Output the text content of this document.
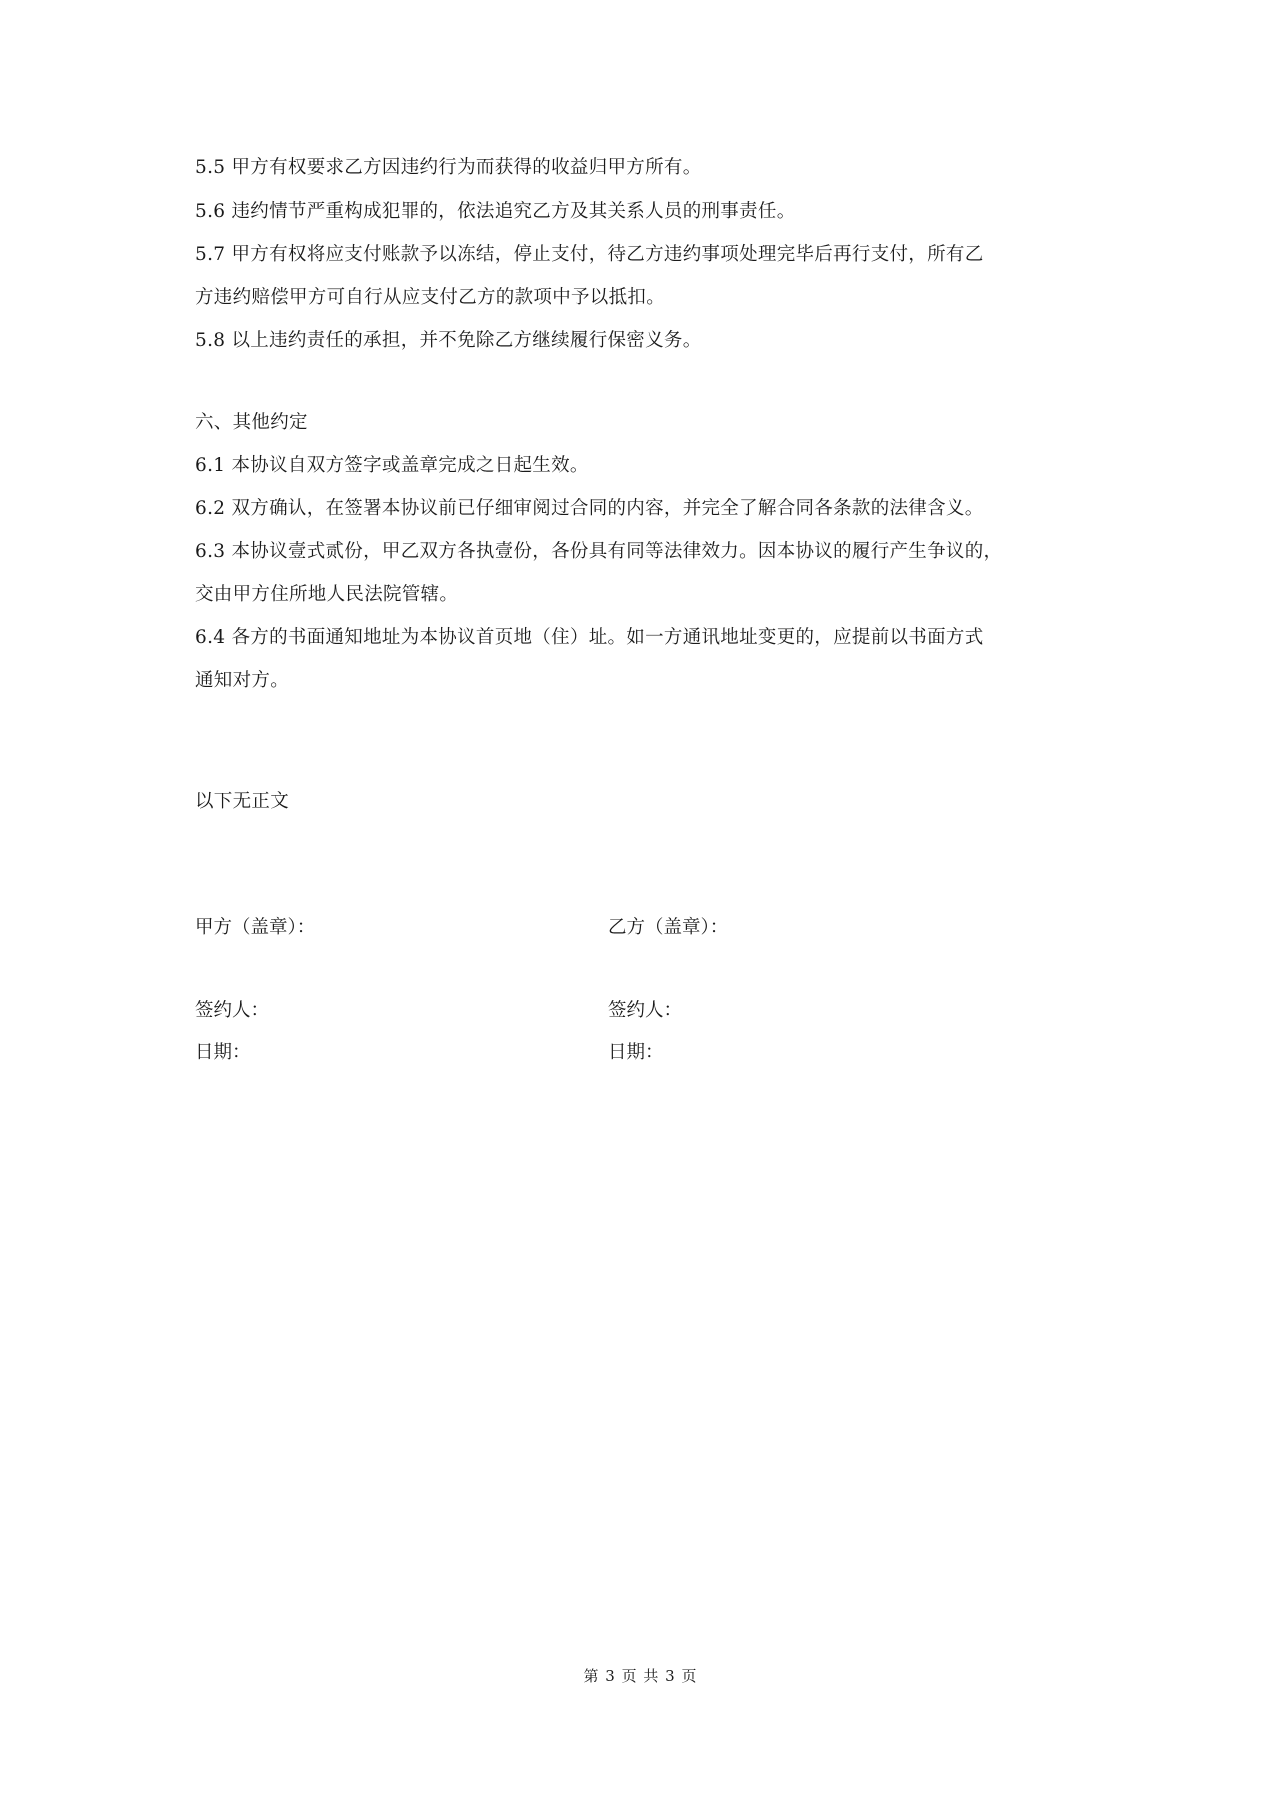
5.5 甲方有权要求乙方因违约行为而获得的收益归甲方所有。
5.6 违约情节严重构成犯罪的，依法追究乙方及其关系人员的刑事责任。
5.7 甲方有权将应支付账款予以冻结，停止支付，待乙方违约事项处理完毕后再行支付，所有乙
方违约赔偿甲方可自行从应支付乙方的款项中予以抵扣。
5.8 以上违约责任的承担，并不免除乙方继续履行保密义务。
六、其他约定
6.1 本协议自双方签字或盖章完成之日起生效。
6.2 双方确认，在签署本协议前已仔细审阅过合同的内容，并完全了解合同各条款的法律含义。
6.3 本协议壹式贰份，甲乙双方各执壹份，各份具有同等法律效力。因本协议的履行产生争议的，
交由甲方住所地人民法院管辖。
6.4 各方的书面通知地址为本协议首页地（住）址。如一方通讯地址变更的，应提前以书面方式
通知对方。
以下无正文
甲方（盖章）：
签约人：
日期：
乙方（盖章）：
签约人：
日期：
第 3 页 共 3 页
